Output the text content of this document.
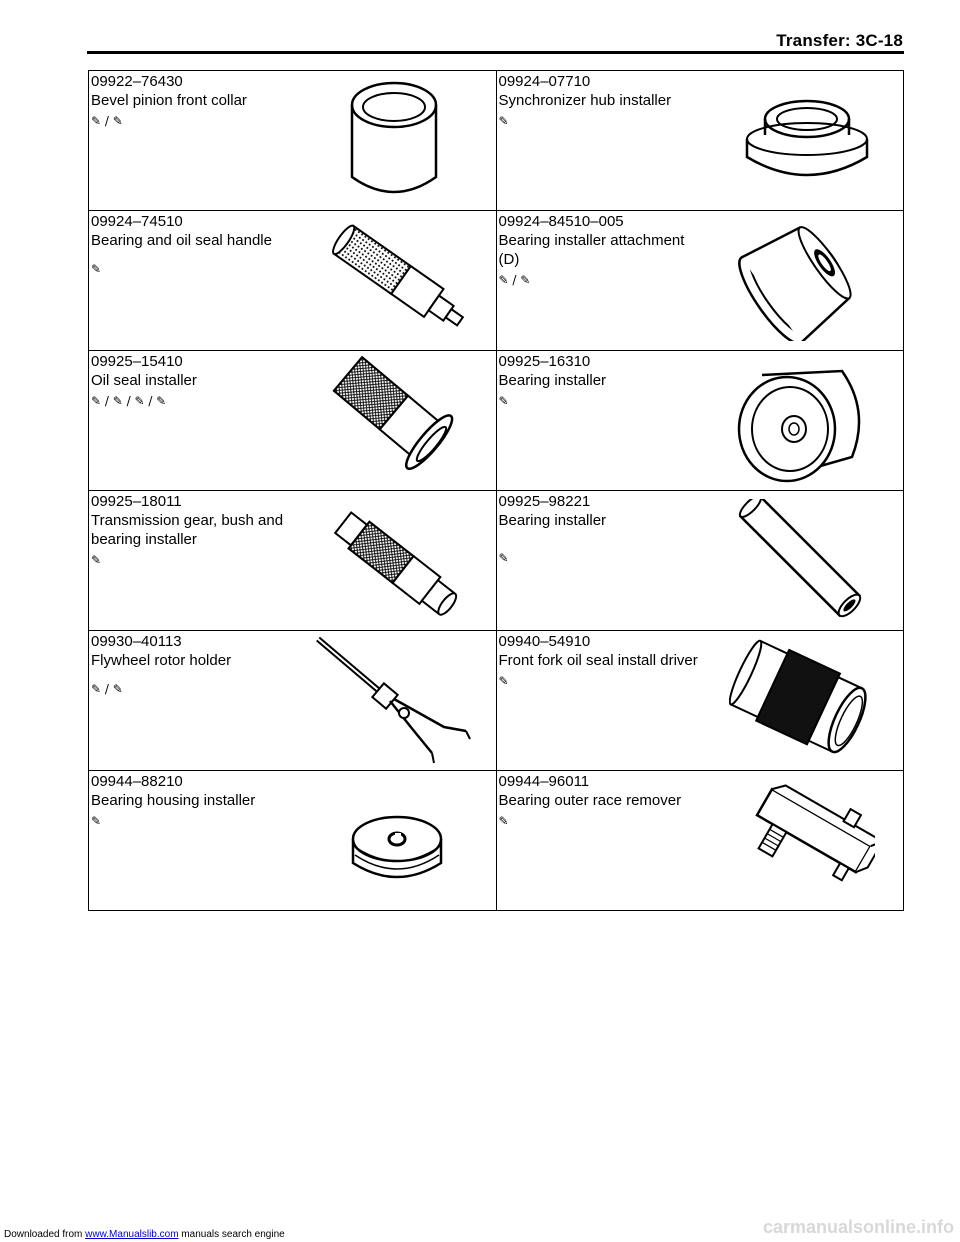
Transfer: 3C-18
09922–76430
Bevel pinion front collar
✎ / ✎	09924–07710
Synchronizer hub installer
✎

09924–74510
Bearing and oil seal handle
✎	09924–84510–005
Bearing installer attachment (D)
✎ / ✎

09925–15410
Oil seal installer
✎ / ✎ / ✎ / ✎	09925–16310
Bearing installer
✎

09925–18011
Transmission gear, bush and bearing installer
✎	09925–98221
Bearing installer
✎

09930–40113
Flywheel rotor holder
✎ / ✎	09940–54910
Front fork oil seal install driver
✎

09944–88210
Bearing housing installer
✎	09944–96011
Bearing outer race remover
✎
Downloaded from www.Manualslib.com manuals search engine	carmanualsonline.info
